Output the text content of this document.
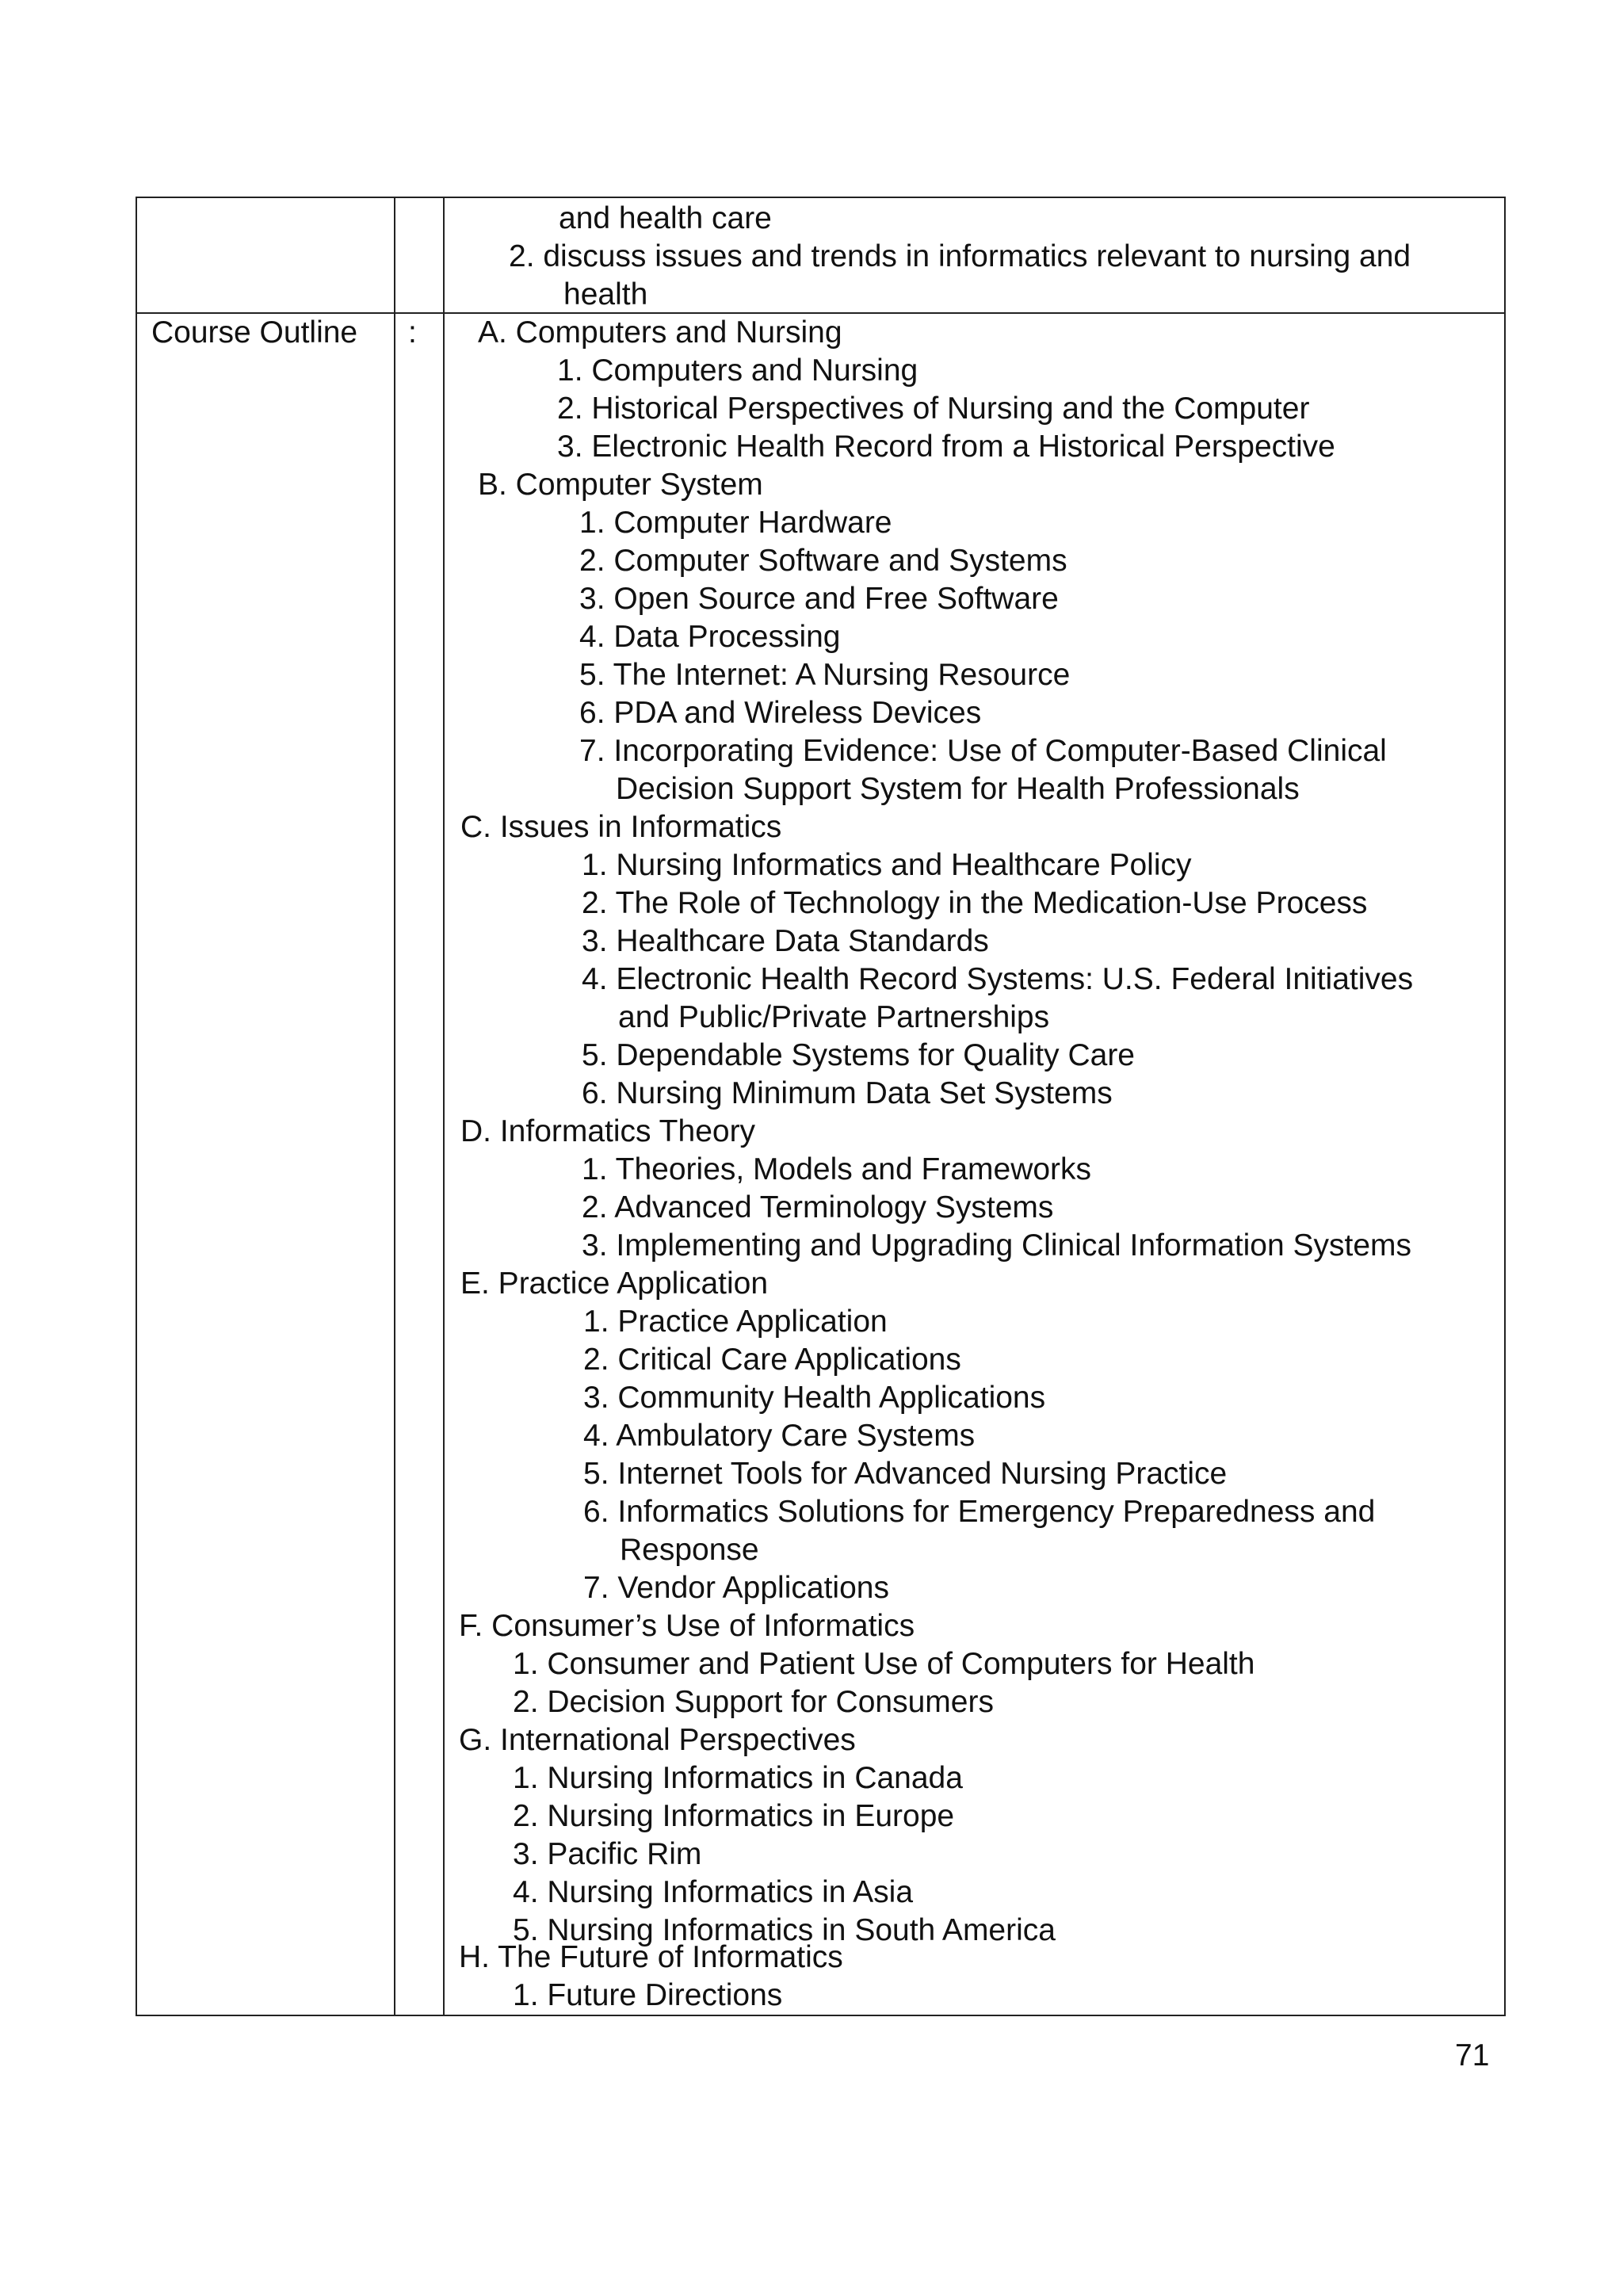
and health care
2. discuss issues and trends in informatics relevant to nursing and
health
Course Outline : A. Computers and Nursing
1. Computers and Nursing
2. Historical Perspectives of Nursing and the Computer
3. Electronic Health Record from a Historical Perspective
B. Computer System
1. Computer Hardware
2. Computer Software and Systems
3. Open Source and Free Software
4. Data Processing
5. The Internet: A Nursing Resource
6. PDA and Wireless Devices
7. Incorporating Evidence: Use of Computer-Based Clinical
Decision Support System for Health Professionals
C. Issues in Informatics
1. Nursing Informatics and Healthcare Policy
2. The Role of Technology in the Medication-Use Process
3. Healthcare Data Standards
4. Electronic Health Record Systems: U.S. Federal Initiatives
and Public/Private Partnerships
5. Dependable Systems for Quality Care
6. Nursing Minimum Data Set Systems
D. Informatics Theory
1. Theories, Models and Frameworks
2. Advanced Terminology Systems
3. Implementing and Upgrading Clinical Information Systems
E. Practice Application
1. Practice Application
2. Critical Care Applications
3. Community Health Applications
4. Ambulatory Care Systems
5. Internet Tools for Advanced Nursing Practice
6. Informatics Solutions for Emergency Preparedness and
Response
7. Vendor Applications
F. Consumer’s Use of Informatics
1. Consumer and Patient Use of Computers for Health
2. Decision Support for Consumers
G. International Perspectives
1. Nursing Informatics in Canada
2. Nursing Informatics in Europe
3. Pacific Rim
4. Nursing Informatics in Asia
5. Nursing Informatics in South America
H. The Future of Informatics
1. Future Directions
71
